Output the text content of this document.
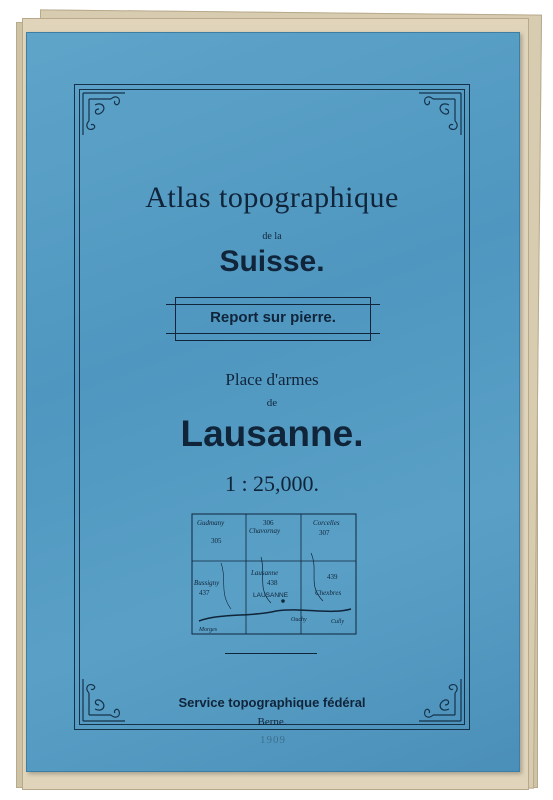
Atlas topographique
de la
Suisse.
Report sur pierre.
Place d'armes
de
Lausanne.
1 : 25,000.
Gudmany
305
Chavornay
306	Corcelles
307
Bussigny
437
Lausanne
438
Chexbres
439
LAUSANNE
Morges
Ouchy	Cully
Service topographique fédéral
Berne.
1909
